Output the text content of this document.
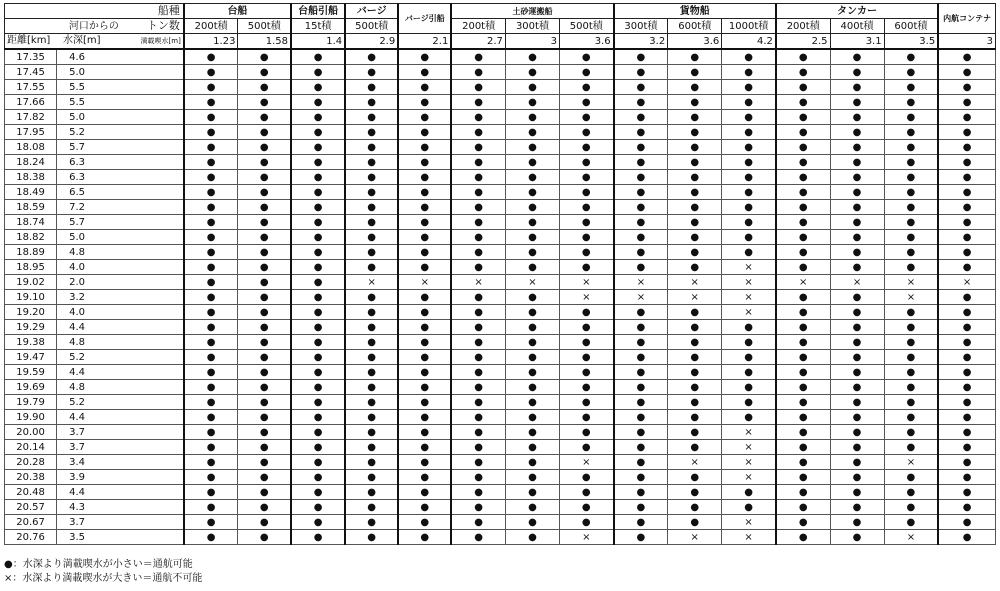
船種		台船		台船引船	バージ	バージ引船	土砂運搬船			貨物船			タンカー			内航コンテナ
河口からの トン数		200t積	500t積	15t積	500t積		200t積	300t積	500t積	300t積	600t積	1000t積	200t積	400t積	600t積	

距離[km] 水深[m] 満載喫水[m]		1.23	1.58	1.4	2.9	2.1	2.7	3	3.6	3.2	3.6	4.2	2.5	3.1	3.5	3
17.35	4.6	●	●	●	●	●	●	●	●	●	●	●	●	●	●	●
17.45	5.0	●	●	●	●	●	●	●	●	●	●	●	●	●	●	●
17.55	5.5	●	●	●	●	●	●	●	●	●	●	●	●	●	●	●
17.66	5.5	●	●	●	●	●	●	●	●	●	●	●	●	●	●	●
17.82	5.0	●	●	●	●	●	●	●	●	●	●	●	●	●	●	●
17.95	5.2	●	●	●	●	●	●	●	●	●	●	●	●	●	●	●
18.08	5.7	●	●	●	●	●	●	●	●	●	●	●	●	●	●	●
18.24	6.3	●	●	●	●	●	●	●	●	●	●	●	●	●	●	●
18.38	6.3	●	●	●	●	●	●	●	●	●	●	●	●	●	●	●
18.49	6.5	●	●	●	●	●	●	●	●	●	●	●	●	●	●	●
18.59	7.2	●	●	●	●	●	●	●	●	●	●	●	●	●	●	●
18.74	5.7	●	●	●	●	●	●	●	●	●	●	●	●	●	●	●
18.82	5.0	●	●	●	●	●	●	●	●	●	●	●	●	●	●	●
18.89	4.8	●	●	●	●	●	●	●	●	●	●	●	●	●	●	●
18.95	4.0	●	●	●	●	●	●	●	●	●	●	×	●	●	●	●
19.02	2.0	●	●	●	×	×	×	×	×	×	×	×	×	×	×	×
19.10	3.2	●	●	●	●	●	●	●	×	×	×	×	●	●	×	●
19.20	4.0	●	●	●	●	●	●	●	●	●	●	×	●	●	●	●
19.29	4.4	●	●	●	●	●	●	●	●	●	●	●	●	●	●	●
19.38	4.8	●	●	●	●	●	●	●	●	●	●	●	●	●	●	●
19.47	5.2	●	●	●	●	●	●	●	●	●	●	●	●	●	●	●
19.59	4.4	●	●	●	●	●	●	●	●	●	●	●	●	●	●	●
19.69	4.8	●	●	●	●	●	●	●	●	●	●	●	●	●	●	●
19.79	5.2	●	●	●	●	●	●	●	●	●	●	●	●	●	●	●
19.90	4.4	●	●	●	●	●	●	●	●	●	●	●	●	●	●	●
20.00	3.7	●	●	●	●	●	●	●	●	●	●	×	●	●	●	●
20.14	3.7	●	●	●	●	●	●	●	●	●	●	×	●	●	●	●
20.28	3.4	●	●	●	●	●	●	●	×	●	×	×	●	●	×	●
20.38	3.9	●	●	●	●	●	●	●	●	●	●	×	●	●	●	●
20.48	4.4	●	●	●	●	●	●	●	●	●	●	●	●	●	●	●
20.57	4.3	●	●	●	●	●	●	●	●	●	●	●	●	●	●	●
20.67	3.7	●	●	●	●	●	●	●	●	●	●	×	●	●	●	●
20.76	3.5	●	●	●	●	●	●	●	×	●	×	×	●	●	×	●
●：水深より満載喫水が小さい＝通航可能
×：水深より満載喫水が大きい＝通航不可能
